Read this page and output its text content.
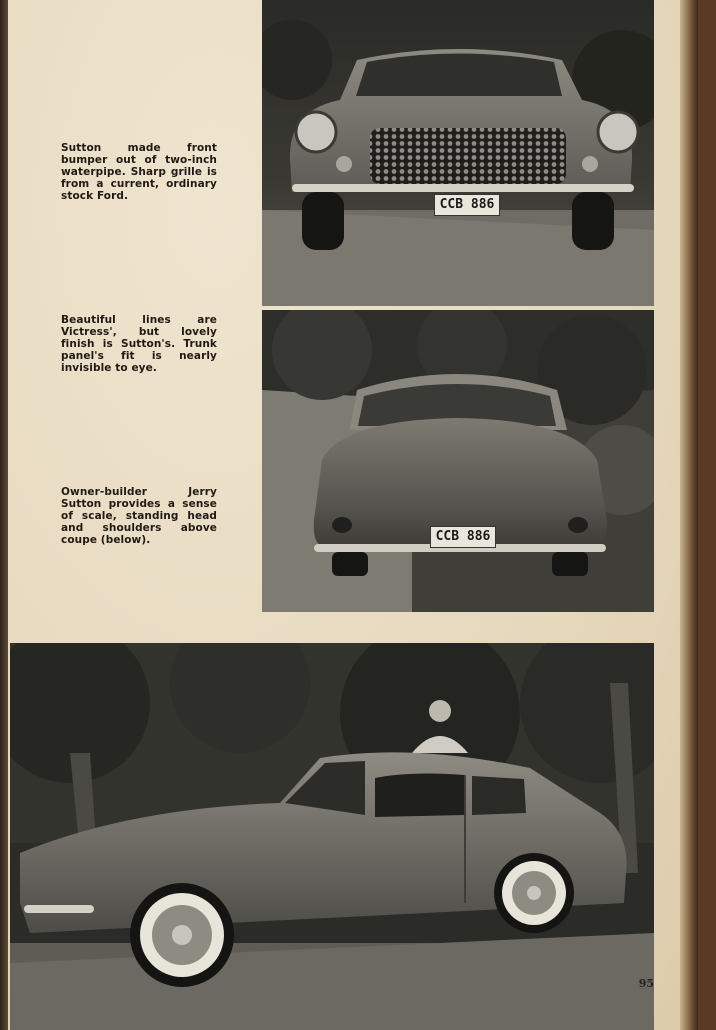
Sutton made front bumper out of two-inch waterpipe. Sharp grille is from a current, ordinary stock Ford.
Beautiful lines are Victress', but lovely finish is Sutton's. Trunk panel's fit is nearly invisible to eye.
Owner-builder Jerry Sutton provides a sense of scale, standing head and shoulders above coupe (below).
CCB 886
CCB 886
95
